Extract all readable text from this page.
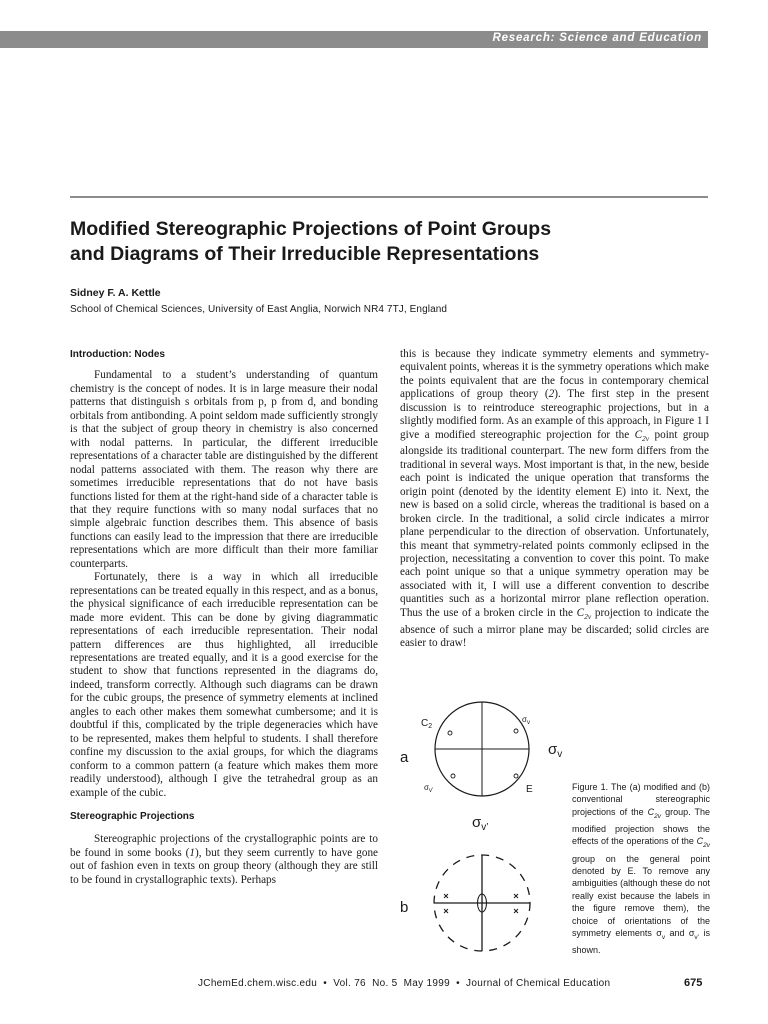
Research: Science and Education
Modified Stereographic Projections of Point Groups
and Diagrams of Their Irreducible Representations
Sidney F. A. Kettle
School of Chemical Sciences, University of East Anglia, Norwich NR4 7TJ, England
Introduction: Nodes

Fundamental to a student’s understanding of quantum chemistry is the concept of nodes. It is in large measure their nodal patterns that distinguish s orbitals from p, p from d, and bonding orbitals from antibonding. A point seldom made sufficiently strongly is that the subject of group theory in chemistry is also concerned with nodal patterns. In particular, the different irreducible representations of a character table are distinguished by the different nodal patterns associated with them. The reason why there are sometimes irreducible representations that do not have basis functions listed for them at the right-hand side of a character table is that they require functions with so many nodal surfaces that no simple algebraic function describes them. This absence of basis functions can easily lead to the impression that there are irreducible representations which are more difficult than their more familiar counterparts.

Fortunately, there is a way in which all irreducible representations can be treated equally in this respect, and as a bonus, the physical significance of each irreducible representation can be made more evident. This can be done by giving diagrammatic representations of each irreducible representation. Their nodal pattern differences are thus highlighted, all irreducible representations are treated equally, and it is a good exercise for the student to show that functions represented in the diagrams do, indeed, transform correctly. Although such diagrams can be drawn for the cubic groups, the presence of symmetry elements at inclined angles to each other makes them somewhat cumbersome; and it is doubtful if this, complicated by the triple degeneracies which have to be represented, makes them helpful to students. I shall therefore confine my discussion to the axial groups, for which the diagrams conform to a common pattern (a feature which makes them more readily understood), although I give the tetrahedral group as an example of the cubic.

Stereographic Projections

Stereographic projections of the crystallographic points are to be found in some books (1), but they seem currently to have gone out of fashion even in texts on group theory (although they are still to be found in crystallographic texts). Perhaps

this is because they indicate symmetry elements and symmetry-equivalent points, whereas it is the symmetry operations which make the points equivalent that are the focus in contemporary chemical applications of group theory (2). The first step in the present discussion is to reintroduce stereographic projections, but in a slightly modified form. As an example of this approach, in Figure 1 I give a modified stereographic projection for the $C_{2v}$ point group alongside its traditional counterpart. The new form differs from the traditional in several ways. Most important is that, in the new, beside each point is indicated the unique operation that transforms the origin point (denoted by the identity element E) into it. Next, the new is based on a solid circle, whereas the traditional is based on a broken circle. In the traditional, a solid circle indicates a mirror plane perpendicular to the direction of observation. Unfortunately, this meant that symmetry-related points commonly eclipsed in the projection, necessitating a convention to cover this point. To make each point unique so that a unique symmetry operation may be associated with it, I will use a different convention to describe quantities such as a horizontal mirror plane reflection operation. Thus the use of a broken circle in the $C_{2v}$ projection to indicate the absence of such a mirror plane may be discarded; solid circles are easier to draw!

a
$C_2$
$\sigma_v$
$\sigma_{v’}$	E
$\sigma_v$
$\sigma_{v’}$
b

Figure 1. The (a) modified and (b) conventional stereographic projections of the $C_{2v}$ group. The modified projection shows the effects of the operations of the $C_{2v}$ group on the general point denoted by E. To remove any ambiguities (although these do not really exist because the labels in the figure remove them), the choice of orientations of the symmetry elements $\sigma_v$ and $\sigma_{v’}$ is shown.

JChemEd.chem.wisc.edu  •  Vol. 76  No. 5  May 1999  •  Journal of Chemical Education	675
